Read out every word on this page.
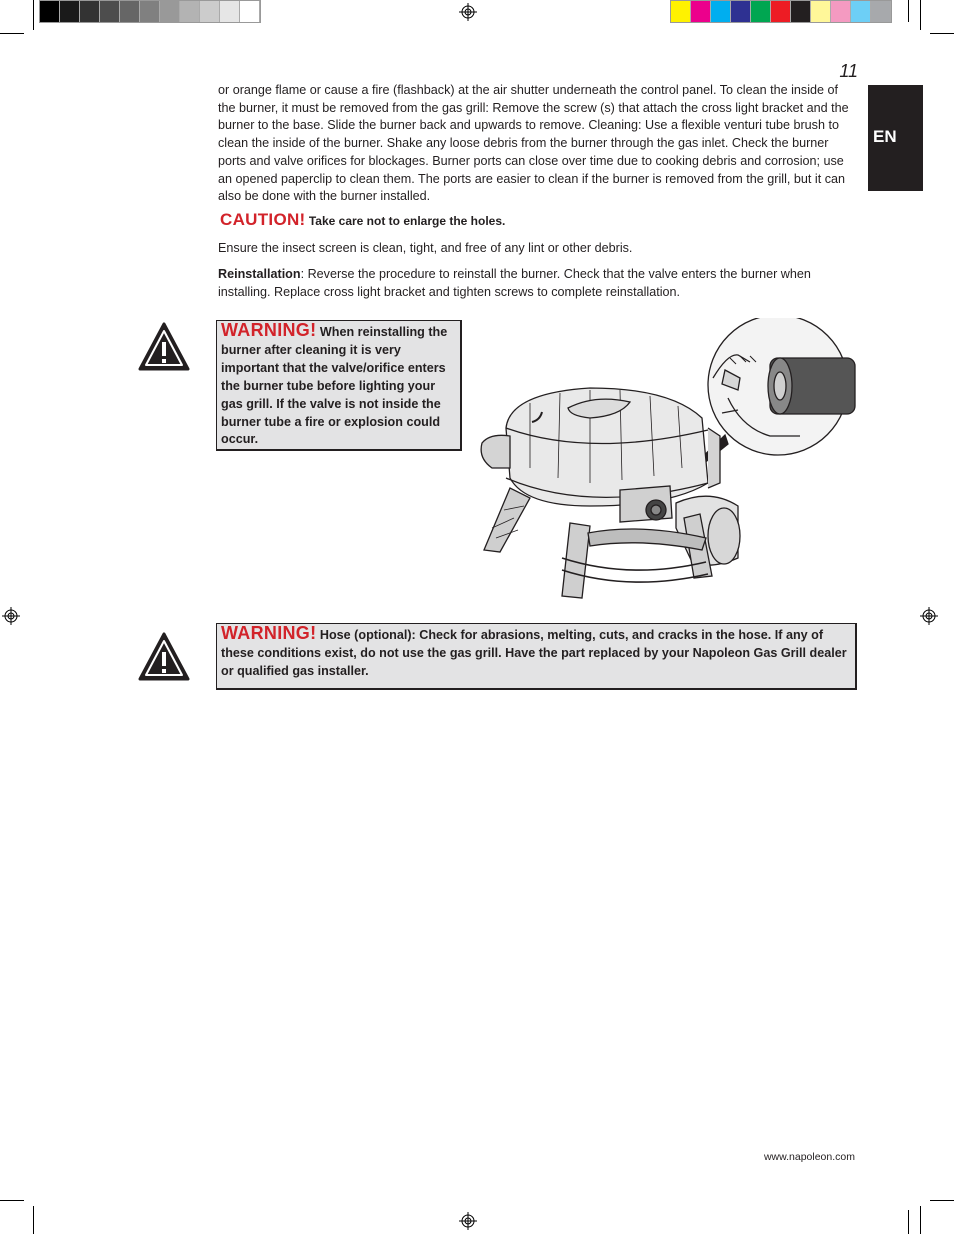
11
EN
or orange flame or cause a fire (flashback) at the air shutter underneath the control panel. To clean the inside of the burner, it must be removed from the gas grill: Remove the screw (s) that attach the cross light bracket and the burner to the base. Slide the burner back and upwards to remove. Cleaning: Use a flexible venturi tube brush to clean the inside of the burner. Shake any loose debris from the burner through the gas inlet. Check the burner ports and valve orifices for blockages. Burner ports can close over time due to cooking debris and corrosion; use an opened paperclip to clean them. The ports are easier to clean if the burner is removed from the grill, but it can also be done with the burner installed.
CAUTION! Take care not to enlarge the holes.
Ensure the insect screen is clean, tight, and free of any lint or other debris.
Reinstallation: Reverse the procedure to reinstall the burner. Check that the valve enters the burner when installing. Replace cross light bracket and tighten screws to complete reinstallation.
WARNING! When reinstalling the burner after cleaning it is very important that the valve/orifice enters the burner tube before lighting your gas grill. If the valve is not inside the burner tube a fire or explosion could occur.
WARNING! Hose (optional): Check for abrasions, melting, cuts, and cracks in the hose. If any of these conditions exist, do not use the gas grill. Have the part replaced by your Napoleon Gas Grill dealer or qualified gas installer.
www.napoleon.com
